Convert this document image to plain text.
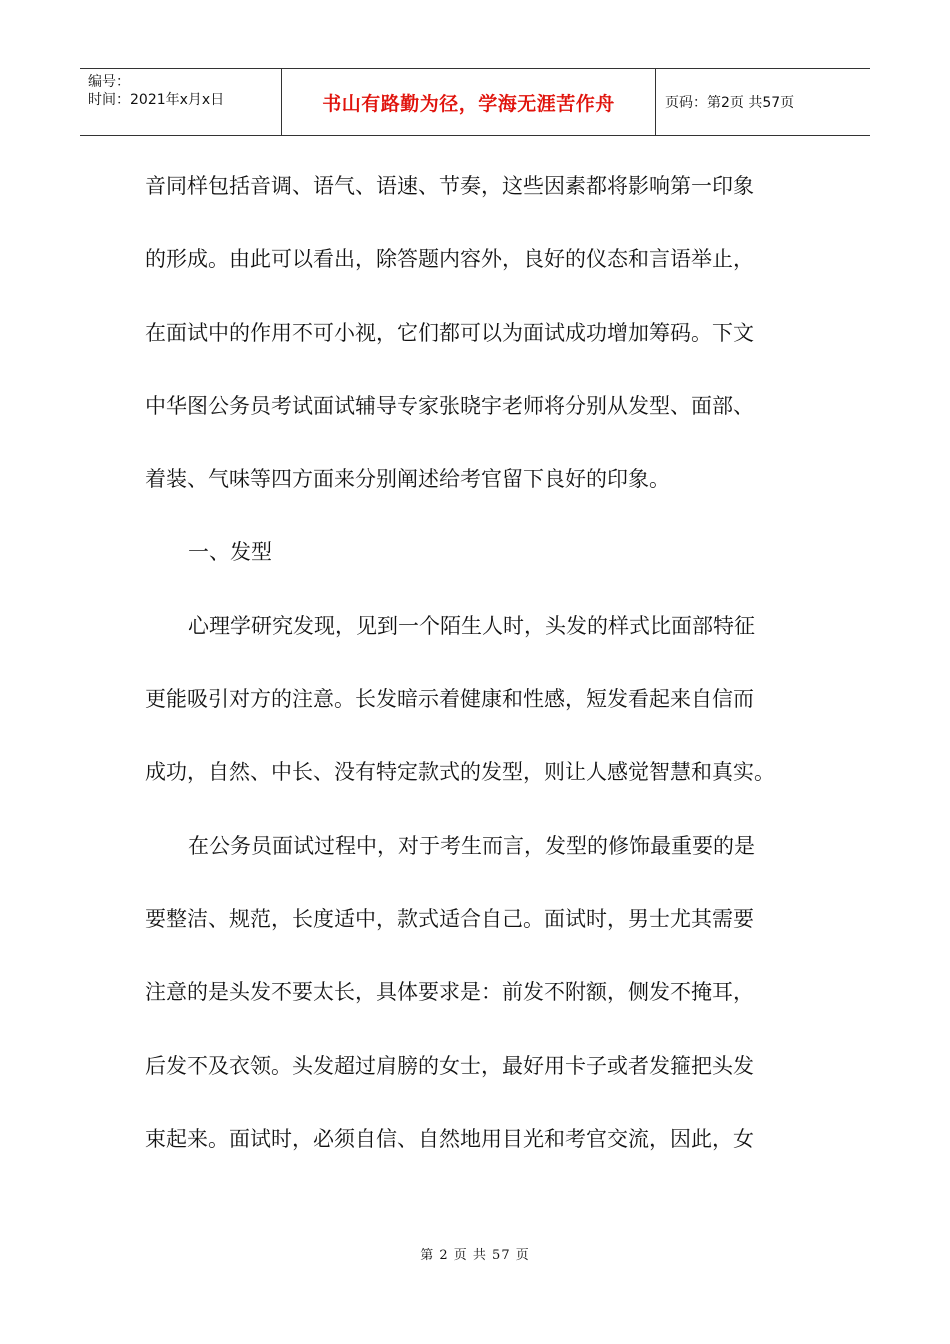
编号：
时间：2021年x月x日	书山有路勤为径，学海无涯苦作舟	页码：第2页 共57页
音同样包括音调、语气、语速、节奏，这些因素都将影响第一印象
的形成。由此可以看出，除答题内容外，良好的仪态和言语举止，
在面试中的作用不可小视，它们都可以为面试成功增加筹码。下文
中华图公务员考试面试辅导专家张晓宇老师将分别从发型、面部、
着装、气味等四方面来分别阐述给考官留下良好的印象。
一、发型
心理学研究发现，见到一个陌生人时，头发的样式比面部特征
更能吸引对方的注意。长发暗示着健康和性感，短发看起来自信而
成功，自然、中长、没有特定款式的发型，则让人感觉智慧和真实。
在公务员面试过程中，对于考生而言，发型的修饰最重要的是
要整洁、规范，长度适中，款式适合自己。面试时，男士尤其需要
注意的是头发不要太长，具体要求是：前发不附额，侧发不掩耳，
后发不及衣领。头发超过肩膀的女士，最好用卡子或者发箍把头发
束起来。面试时，必须自信、自然地用目光和考官交流，因此，女
第 2 页 共 57 页
